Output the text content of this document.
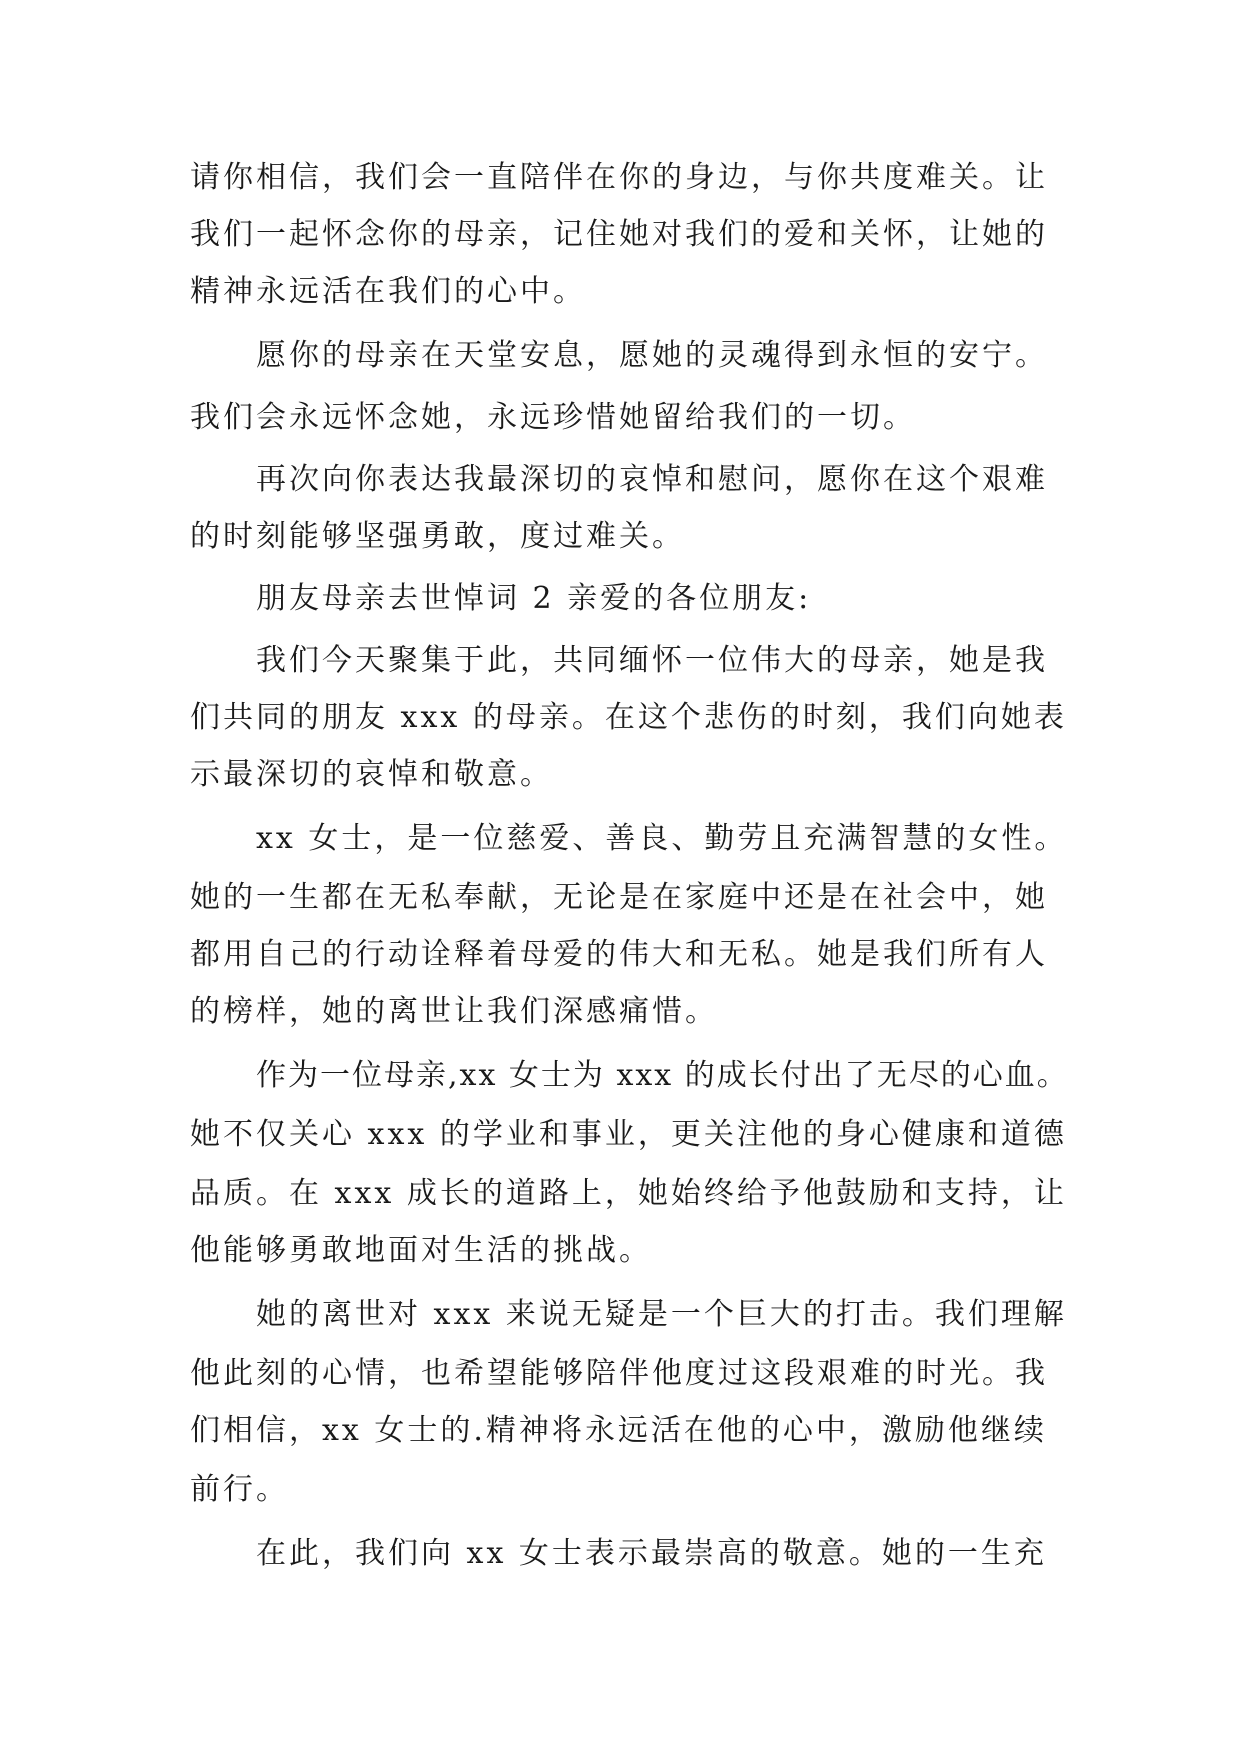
请你相信，我们会一直陪伴在你的身边，与你共度难关。让
我们一起怀念你的母亲，记住她对我们的爱和关怀，让她的
精神永远活在我们的心中。
愿你的母亲在天堂安息，愿她的灵魂得到永恒的安宁。
我们会永远怀念她，永远珍惜她留给我们的一切。
再次向你表达我最深切的哀悼和慰问，愿你在这个艰难
的时刻能够坚强勇敢，度过难关。
朋友母亲去世悼词 2 亲爱的各位朋友:
我们今天聚集于此，共同缅怀一位伟大的母亲，她是我
们共同的朋友 xxx 的母亲。在这个悲伤的时刻，我们向她表
示最深切的哀悼和敬意。
xx 女士，是一位慈爱、善良、勤劳且充满智慧的女性。
她的一生都在无私奉献，无论是在家庭中还是在社会中，她
都用自己的行动诠释着母爱的伟大和无私。她是我们所有人
的榜样，她的离世让我们深感痛惜。
作为一位母亲,xx 女士为 xxx 的成长付出了无尽的心血。
她不仅关心 xxx 的学业和事业，更关注他的身心健康和道德
品质。在 xxx 成长的道路上，她始终给予他鼓励和支持，让
他能够勇敢地面对生活的挑战。
她的离世对 xxx 来说无疑是一个巨大的打击。我们理解
他此刻的心情，也希望能够陪伴他度过这段艰难的时光。我
们相信，xx 女士的.精神将永远活在他的心中，激励他继续
前行。
在此，我们向 xx 女士表示最崇高的敬意。她的一生充
